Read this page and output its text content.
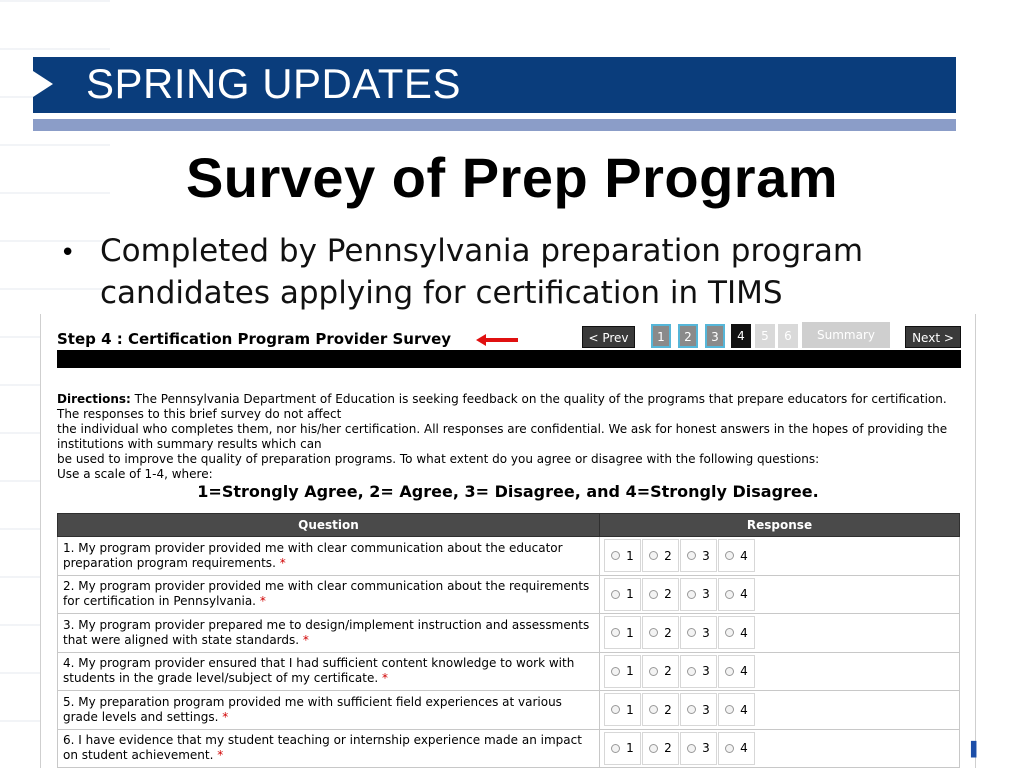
SPRING UPDATES
Survey of Prep Program
• Completed by Pennsylvania preparation program candidates applying for certification in TIMS
Step 4 : Certification Program Provider Survey	< Prev	1	2	3	4	5	6	Summary	Next >
Directions: The Pennsylvania Department of Education is seeking feedback on the quality of the programs that prepare educators for certification. The responses to this brief survey do not affect
the individual who completes them, nor his/her certification. All responses are confidential. We ask for honest answers in the hopes of providing the institutions with summary results which can
be used to improve the quality of preparation programs. To what extent do you agree or disagree with the following questions:
Use a scale of 1-4, where:
1=Strongly Agree, 2= Agree, 3= Disagree, and 4=Strongly Disagree.
Question	Response
1. My program provider provided me with clear communication about the educator preparation program requirements. *	1 2 3 4

2. My program provider provided me with clear communication about the requirements for certification in Pennsylvania. *	1 2 3 4

3. My program provider prepared me to design/implement instruction and assessments that were aligned with state standards. *	1 2 3 4

4. My program provider ensured that I had sufficient content knowledge to work with students in the grade level/subject of my certificate. *	1 2 3 4

5. My preparation program provided me with sufficient field experiences at various grade levels and settings. *	1 2 3 4

6. I have evidence that my student teaching or internship experience made an impact on student achievement. *	1 2 3 4	▌
